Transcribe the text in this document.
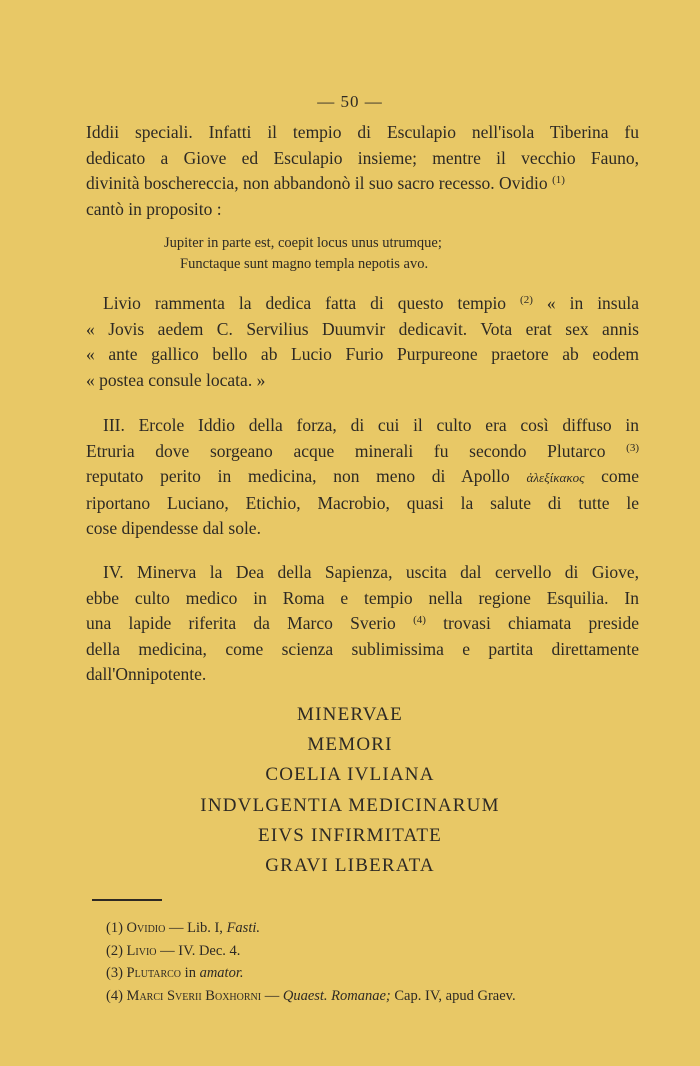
— 50 —

Iddii speciali. Infatti il tempio di Esculapio nell'isola Tiberina fu
dedicato a Giove ed Esculapio insieme; mentre il vecchio Fauno,
divinità boschereccia, non abbandonò il suo sacro recesso. Ovidio $^{(1)}$
cantò in proposito :

Jupiter in parte est, coepit locus unus utrumque;
Functaque sunt magno templa nepotis avo.

Livio rammenta la dedica fatta di questo tempio $^{(2)}$ « in insula
« Jovis aedem C. Servilius Duumvir dedicavit. Vota erat sex annis
« ante gallico bello ab Lucio Furio Purpureone praetore ab eodem
« postea consule locata. »

III. Ercole Iddio della forza, di cui il culto era così diffuso in
Etruria dove sorgeano acque minerali fu secondo Plutarco $^{(3)}$
reputato perito in medicina, non meno di Apollo ἀλεξίκακος come
riportano Luciano, Etichio, Macrobio, quasi la salute di tutte le
cose dipendesse dal sole.

IV. Minerva la Dea della Sapienza, uscita dal cervello di Giove,
ebbe culto medico in Roma e tempio nella regione Esquilia. In
una lapide riferita da Marco Sverio $^{(4)}$ trovasi chiamata preside
della medicina, come scienza sublimissima e partita direttamente
dall'Onnipotente.

MINERVAE
MEMORI
COELIA IVLIANA
INDVLGENTIA MEDICINARUM
EIVS INFIRMITATE
GRAVI LIBERATA
(1) Ovidio — Lib. I, Fasti.
(2) Livio — IV. Dec. 4.
(3) Plutarco in amator.
(4) Marci Sverii Boxhorni — Quaest. Romanae; Cap. IV, apud Graev.
